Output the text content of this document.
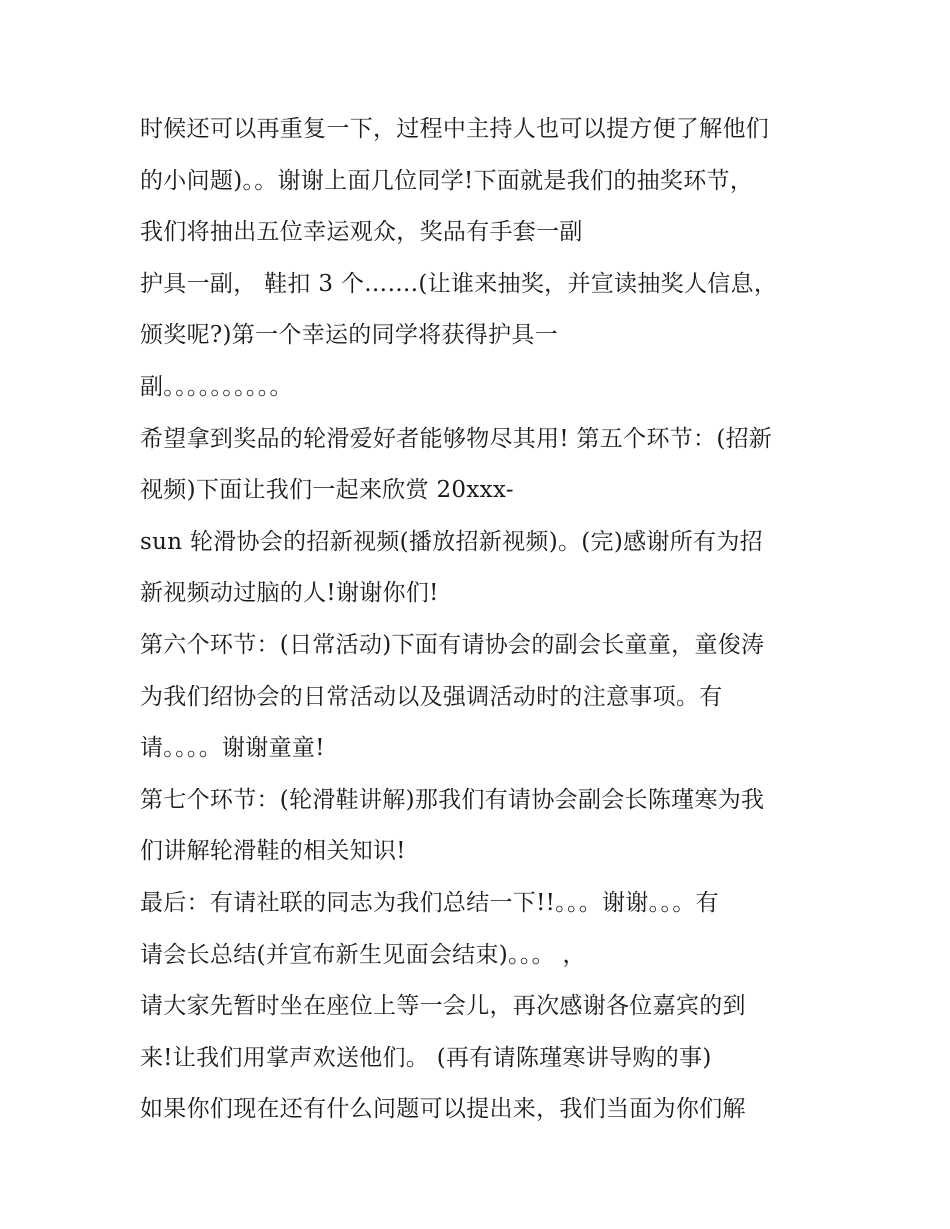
时候还可以再重复一下，过程中主持人也可以提方便了解他们
的小问题)。。谢谢上面几位同学!下面就是我们的抽奖环节，
我们将抽出五位幸运观众，奖品有手套一副
护具一副， 鞋扣 3 个…….(让谁来抽奖，并宣读抽奖人信息，
颁奖呢?)第一个幸运的同学将获得护具一
副。。。。。。。。。。
希望拿到奖品的轮滑爱好者能够物尽其用! 第五个环节：(招新
视频)下面让我们一起来欣赏 20xxx-
sun 轮滑协会的招新视频(播放招新视频)。(完)感谢所有为招
新视频动过脑的人!谢谢你们!
第六个环节：(日常活动)下面有请协会的副会长童童，童俊涛
为我们绍协会的日常活动以及强调活动时的注意事项。有
请。。。。谢谢童童!
第七个环节：(轮滑鞋讲解)那我们有请协会副会长陈瑾寒为我
们讲解轮滑鞋的相关知识!
最后：有请社联的同志为我们总结一下!!。。。谢谢。。。有
请会长总结(并宣布新生见面会结束)。。。 ，
请大家先暂时坐在座位上等一会儿，再次感谢各位嘉宾的到
来!让我们用掌声欢送他们。 (再有请陈瑾寒讲导购的事)
如果你们现在还有什么问题可以提出来，我们当面为你们解
